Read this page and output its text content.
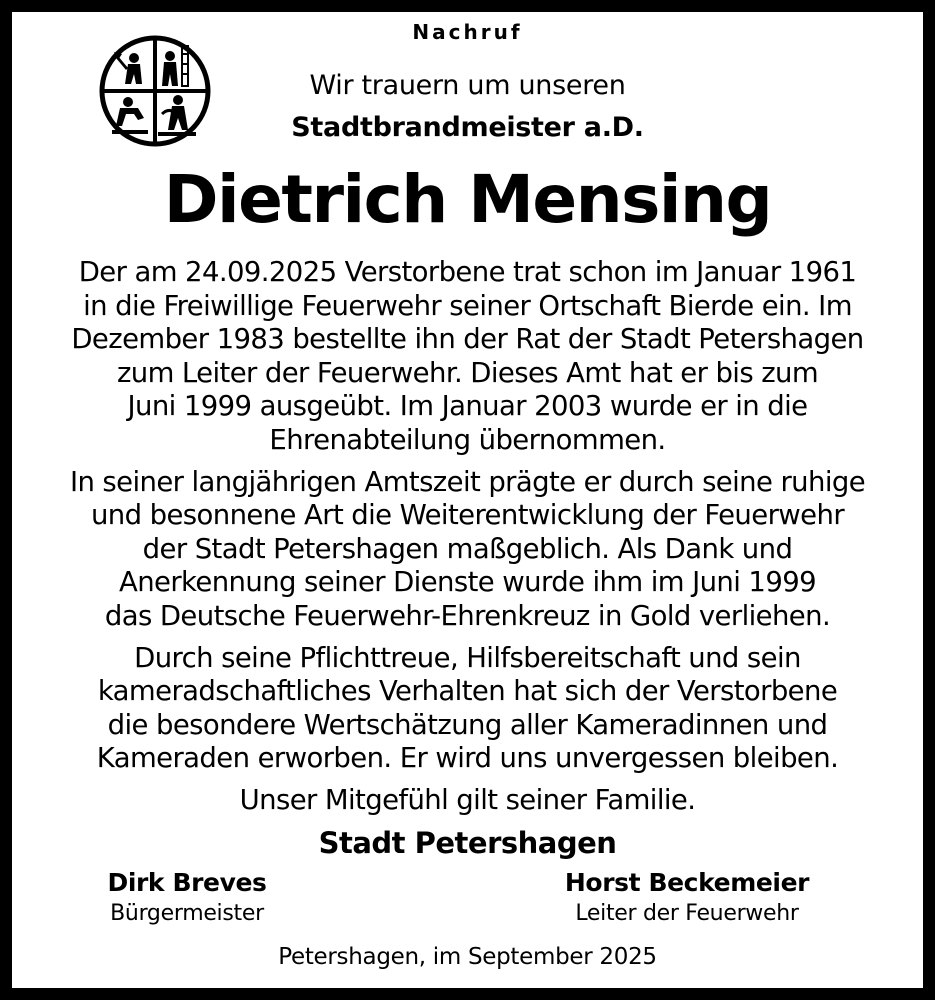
Nachruf
Wir trauern um unseren
Stadtbrandmeister a.D.
Dietrich Mensing

Der am 24.09.2025 Verstorbene trat schon im Januar 1961
in die Freiwillige Feuerwehr seiner Ortschaft Bierde ein. Im
Dezember 1983 bestellte ihn der Rat der Stadt Petershagen
zum Leiter der Feuerwehr. Dieses Amt hat er bis zum
Juni 1999 ausgeübt. Im Januar 2003 wurde er in die
Ehrenabteilung übernommen.

In seiner langjährigen Amtszeit prägte er durch seine ruhige
und besonnene Art die Weiterentwicklung der Feuerwehr
der Stadt Petershagen maßgeblich. Als Dank und
Anerkennung seiner Dienste wurde ihm im Juni 1999
das Deutsche Feuerwehr-Ehrenkreuz in Gold verliehen.

Durch seine Pflichttreue, Hilfsbereitschaft und sein
kameradschaftliches Verhalten hat sich der Verstorbene
die besondere Wertschätzung aller Kameradinnen und
Kameraden erworben. Er wird uns unvergessen bleiben.

Unser Mitgefühl gilt seiner Familie.

Stadt Petershagen
Dirk Breves
Bürgermeister
Horst Beckemeier
Leiter der Feuerwehr
Petershagen, im September 2025
